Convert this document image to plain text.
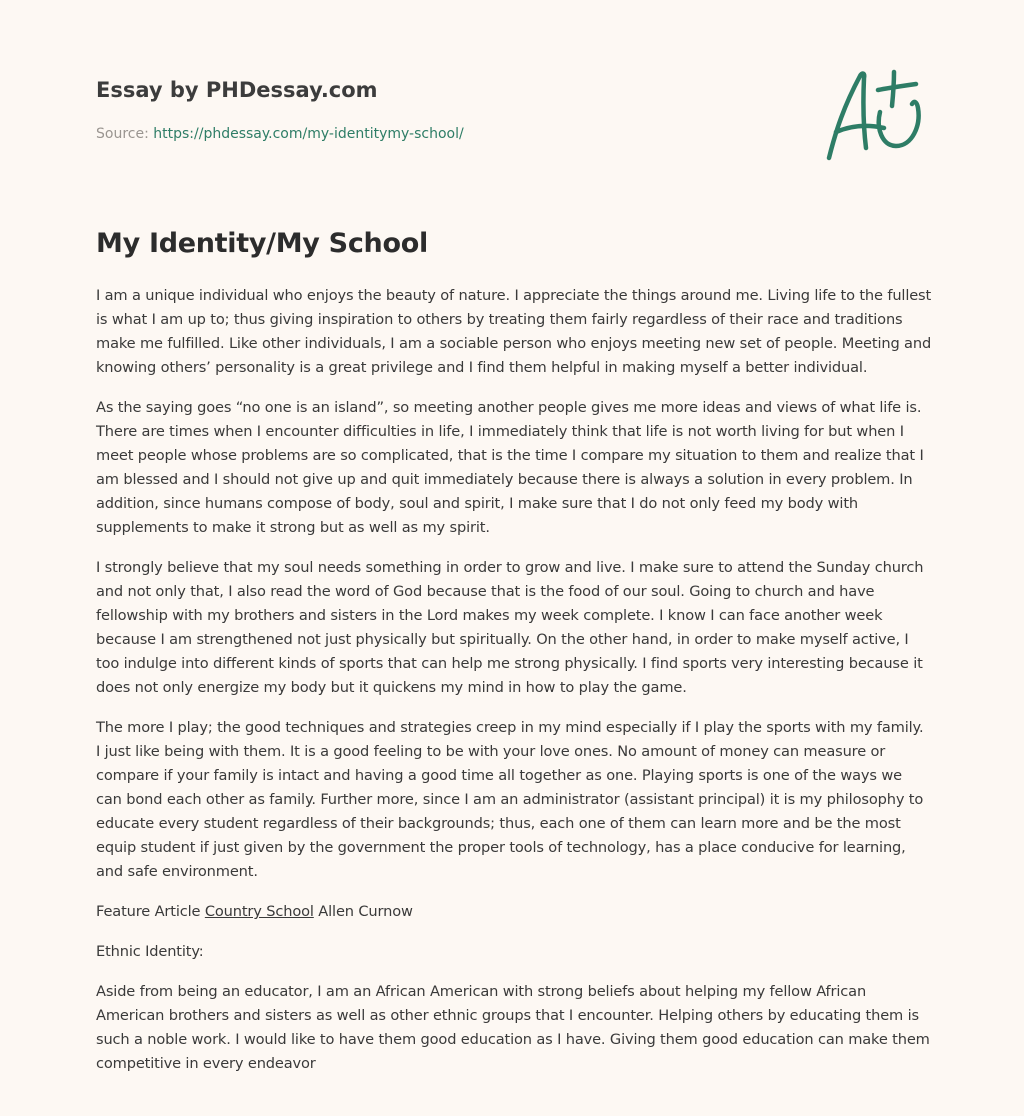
Essay by PHDessay.com
Source: https://phdessay.com/my-identitymy-school/
My Identity/My School

I am a unique individual who enjoys the beauty of nature. I appreciate the things around me. Living life to the fullest is what I am up to; thus giving inspiration to others by treating them fairly regardless of their race and traditions make me fulfilled. Like other individuals, I am a sociable person who enjoys meeting new set of people. Meeting and knowing others’ personality is a great privilege and I find them helpful in making myself a better individual.

As the saying goes “no one is an island”, so meeting another people gives me more ideas and views of what life is. There are times when I encounter difficulties in life, I immediately think that life is not worth living for but when I meet people whose problems are so complicated, that is the time I compare my situation to them and realize that I am blessed and I should not give up and quit immediately because there is always a solution in every problem. In addition, since humans compose of body, soul and spirit, I make sure that I do not only feed my body with supplements to make it strong but as well as my spirit.

I strongly believe that my soul needs something in order to grow and live. I make sure to attend the Sunday church and not only that, I also read the word of God because that is the food of our soul. Going to church and have fellowship with my brothers and sisters in the Lord makes my week complete. I know I can face another week because I am strengthened not just physically but spiritually. On the other hand, in order to make myself active, I too indulge into different kinds of sports that can help me strong physically. I find sports very interesting because it does not only energize my body but it quickens my mind in how to play the game.

The more I play; the good techniques and strategies creep in my mind especially if I play the sports with my family. I just like being with them. It is a good feeling to be with your love ones. No amount of money can measure or compare if your family is intact and having a good time all together as one. Playing sports is one of the ways we can bond each other as family. Further more, since I am an administrator (assistant principal) it is my philosophy to educate every student regardless of their backgrounds; thus, each one of them can learn more and be the most equip student if just given by the government the proper tools of technology, has a place conducive for learning, and safe environment.

Feature Article Country School Allen Curnow

Ethnic Identity:

Aside from being an educator, I am an African American with strong beliefs about helping my fellow African American brothers and sisters as well as other ethnic groups that I encounter. Helping others by educating them is such a noble work. I would like to have them good education as I have. Giving them good education can make them competitive in every endeavor
